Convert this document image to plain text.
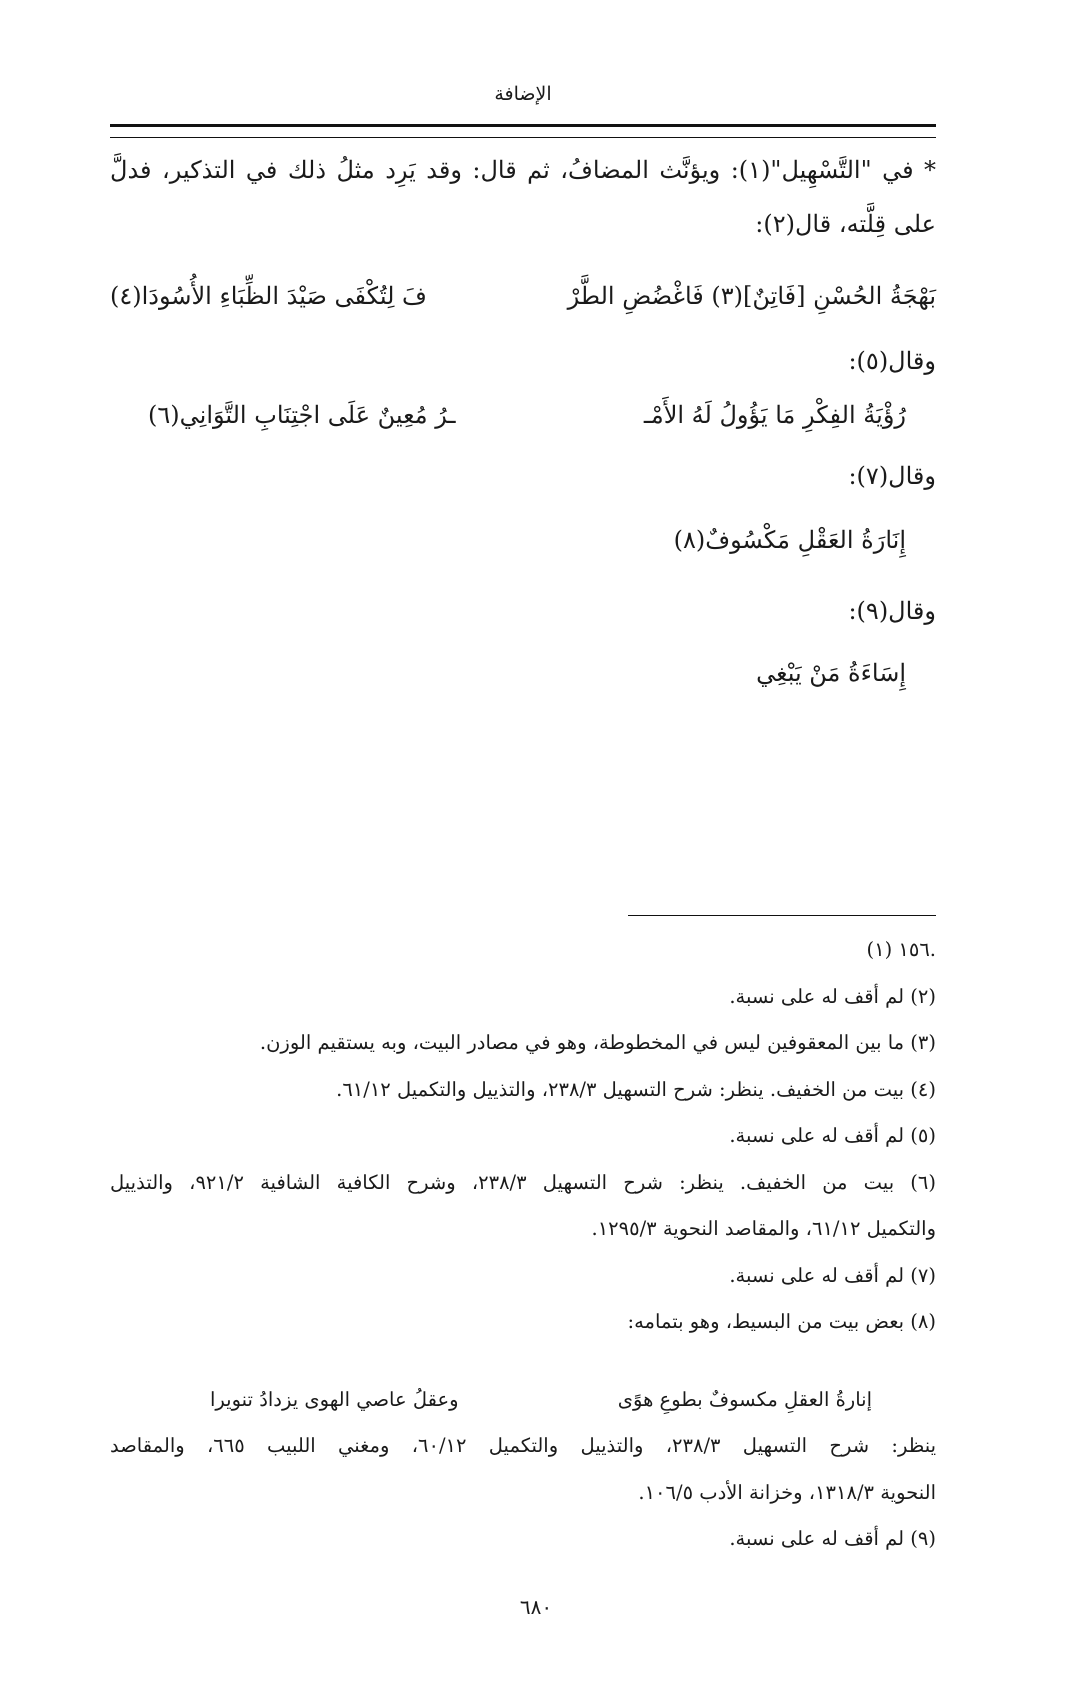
الإضافة
* في "التَّسْهِيل"(١): ويؤنَّث المضافُ، ثم قال: وقد يَرِد مثلُ ذلك في التذكير، فدلَّ
على قِلَّته، قال(٢):
بَهْجَةُ الحُسْنِ [فَاتِنٌ](٣) فَاغْضُضِ الطَّرْ
فَ لِتُكْفَى صَيْدَ الظِّبَاءِ الأُسُودَا(٤)
وقال(٥):
رُؤْيَةُ الفِكْرِ مَا يَؤُولُ لَهُ الأَمْـ
ـرُ مُعِينٌ عَلَى اجْتِنَابِ التَّوَانِي(٦)
وقال(٧):
إِنَارَةُ العَقْلِ مَكْسُوفٌ(٨)
وقال(٩):
إِسَاءَةُ مَنْ يَبْغِي
(١) ١٥٦.
(٢) لم أقف له على نسبة.
(٣) ما بين المعقوفين ليس في المخطوطة، وهو في مصادر البيت، وبه يستقيم الوزن.
(٤) بيت من الخفيف. ينظر: شرح التسهيل ٢٣٨/٣، والتذييل والتكميل ٦١/١٢.
(٥) لم أقف له على نسبة.
(٦) بيت من الخفيف. ينظر: شرح التسهيل ٢٣٨/٣، وشرح الكافية الشافية ٩٢١/٢، والتذييل
والتكميل ٦١/١٢، والمقاصد النحوية ١٢٩٥/٣.
(٧) لم أقف له على نسبة.
(٨) بعض بيت من البسيط، وهو بتمامه:
إنارةُ العقلِ مكسوفٌ بطوعِ هوًى
وعقلُ عاصي الهوى يزدادُ تنويرا
ينظر: شرح التسهيل ٢٣٨/٣، والتذييل والتكميل ٦٠/١٢، ومغني اللبيب ٦٦٥، والمقاصد
النحوية ١٣١٨/٣، وخزانة الأدب ١٠٦/٥.
(٩) لم أقف له على نسبة.
٦٨٠
